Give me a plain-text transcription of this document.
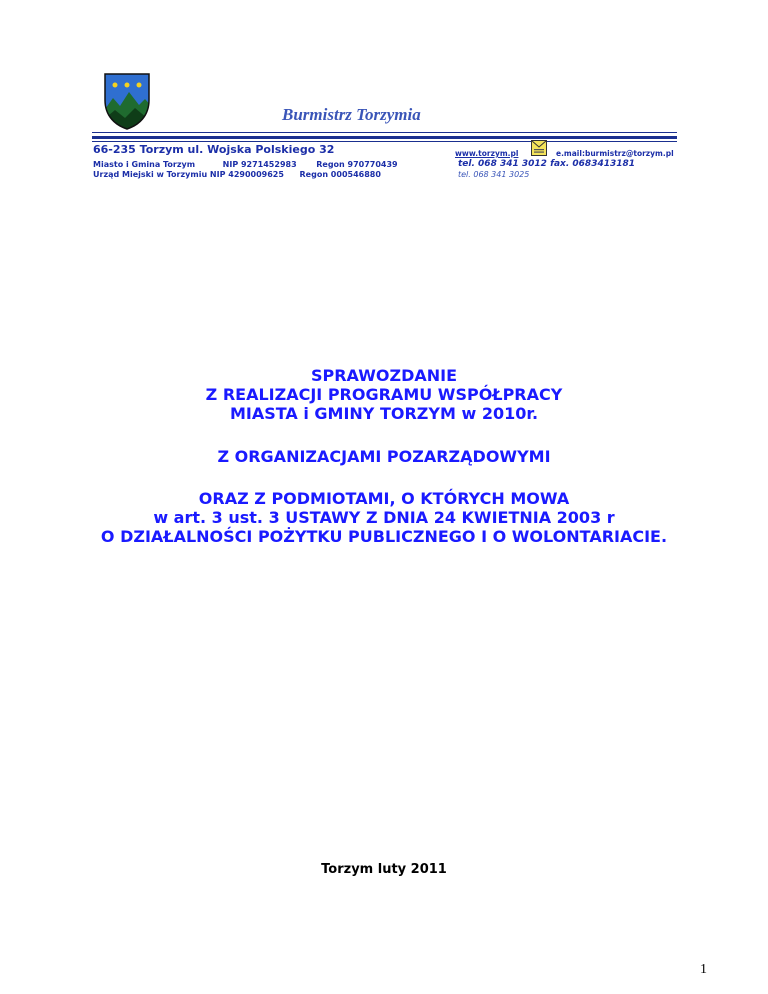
Burmistrz Torzymia
66-235 Torzym ul. Wojska Polskiego 32
Miasto i Gmina Torzym	NIP 9271452983 Regon 970770439
Urząd Miejski w Torzymiu NIP 4290009625 Regon 000546880
www.torzym.pl	e.mail:burmistrz@torzym.pl
tel. 068 341 3012 fax. 0683413181
tel. 068 341 3025
SPRAWOZDANIE
Z REALIZACJI PROGRAMU WSPÓŁPRACY
MIASTA i GMINY TORZYM w 2010r.
Z ORGANIZACJAMI POZARZĄDOWYMI
ORAZ Z PODMIOTAMI, O KTÓRYCH MOWA
w art. 3 ust. 3 USTAWY Z DNIA 24 KWIETNIA 2003 r
O DZIAŁALNOŚCI POŻYTKU PUBLICZNEGO I O WOLONTARIACIE.
Torzym luty 2011
1
